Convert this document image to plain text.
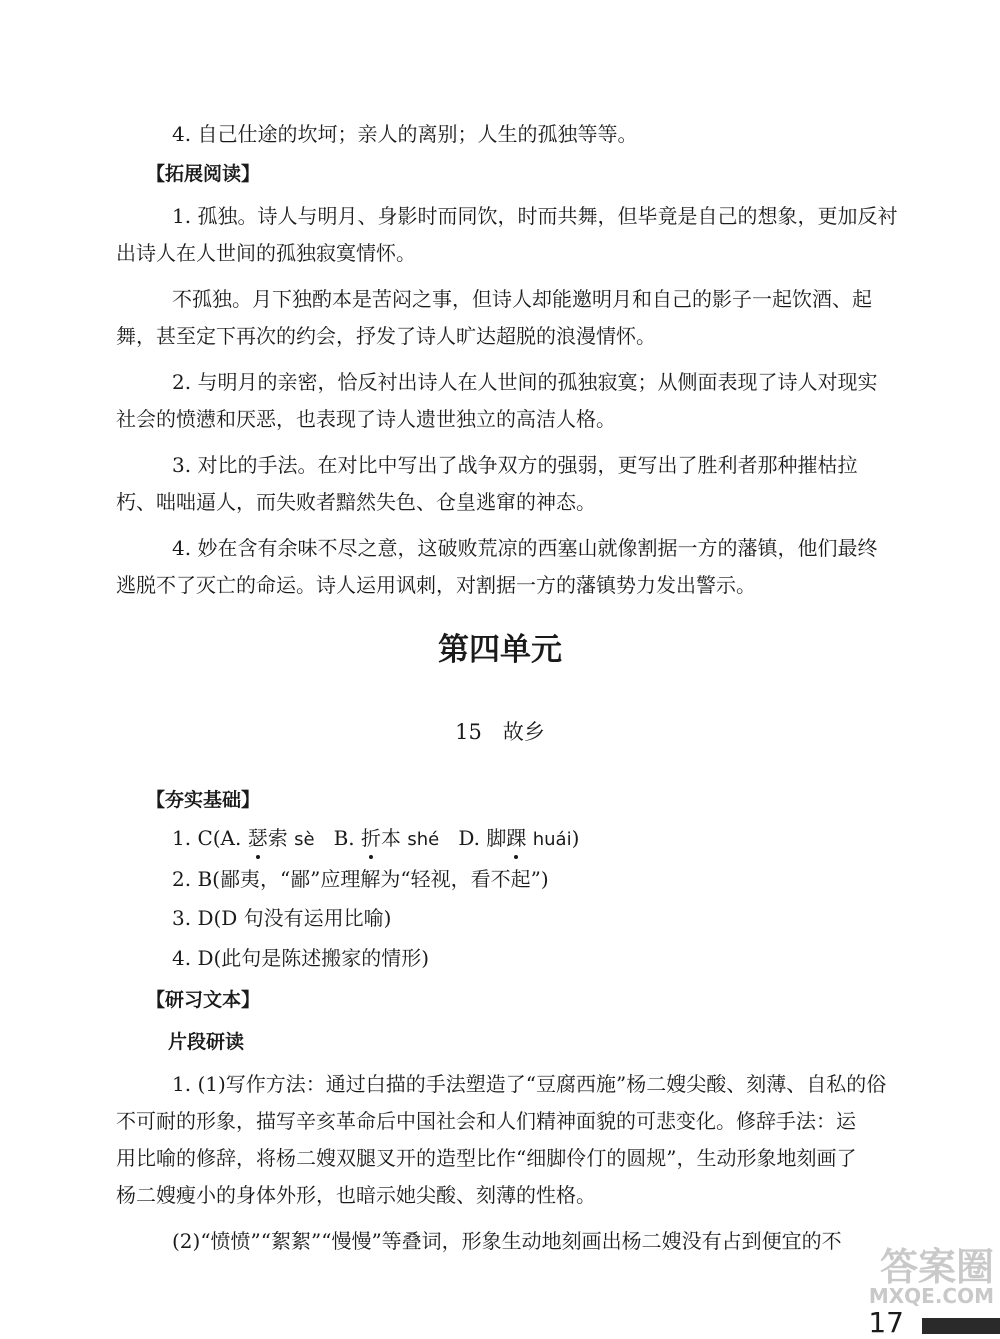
4. 自己仕途的坎坷；亲人的离别；人生的孤独等等。
【拓展阅读】
1. 孤独。诗人与明月、身影时而同饮，时而共舞，但毕竟是自己的想象，更加反衬
出诗人在人世间的孤独寂寞情怀。
不孤独。月下独酌本是苦闷之事，但诗人却能邀明月和自己的影子一起饮酒、起
舞，甚至定下再次的约会，抒发了诗人旷达超脱的浪漫情怀。
2. 与明月的亲密，恰反衬出诗人在人世间的孤独寂寞；从侧面表现了诗人对现实
社会的愤懑和厌恶，也表现了诗人遗世独立的高洁人格。
3. 对比的手法。在对比中写出了战争双方的强弱，更写出了胜利者那种摧枯拉
朽、咄咄逼人，而失败者黯然失色、仓皇逃窜的神态。
4. 妙在含有余味不尽之意，这破败荒凉的西塞山就像割据一方的藩镇，他们最终
逃脱不了灭亡的命运。诗人运用讽刺，对割据一方的藩镇势力发出警示。
第四单元
15　故乡
【夯实基础】
1. C(A. 瑟索 sè B. 折本 shé D. 脚踝 huái)
2. B(鄙夷，“鄙”应理解为“轻视，看不起”)
3. D(D 句没有运用比喻)
4. D(此句是陈述搬家的情形)
【研习文本】
片段研读
1. (1)写作方法：通过白描的手法塑造了“豆腐西施”杨二嫂尖酸、刻薄、自私的俗
不可耐的形象，描写辛亥革命后中国社会和人们精神面貌的可悲变化。修辞手法：运
用比喻的修辞，将杨二嫂双腿叉开的造型比作“细脚伶仃的圆规”，生动形象地刻画了
杨二嫂瘦小的身体外形，也暗示她尖酸、刻薄的性格。
(2)“愤愤”“絮絮”“慢慢”等叠词，形象生动地刻画出杨二嫂没有占到便宜的不
答案圈
MXQE.COM
17
